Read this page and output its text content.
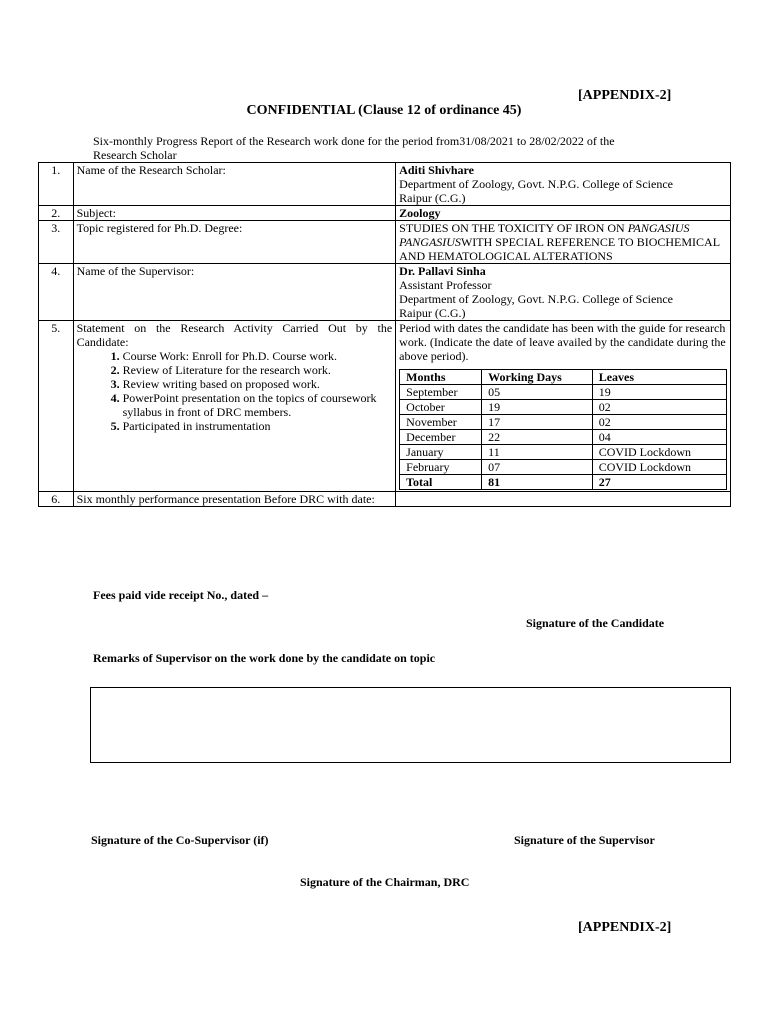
[APPENDIX-2]
CONFIDENTIAL (Clause 12 of ordinance 45)
Six-monthly Progress Report of the Research work done for the period from31/08/2021 to 28/02/2022 of the
Research Scholar
1.	Name of the Research Scholar:	Aditi Shivhare
Department of Zoology, Govt. N.P.G. College of Science
Raipur (C.G.)

2.	Subject:	Zoology
3.	Topic registered for Ph.D. Degree:	STUDIES ON THE TOXICITY OF IRON ON PANGASIUS PANGASIUSWITH SPECIAL REFERENCE TO BIOCHEMICAL AND HEMATOLOGICAL ALTERATIONS
4.	Name of the Supervisor:	Dr. Pallavi Sinha
Assistant Professor
Department of Zoology, Govt. N.P.G. College of Science
Raipur (C.G.)

5.	Statement on the Research Activity Carried Out by the Candidate:
1. Course Work: Enroll for Ph.D. Course work.
2. Review of Literature for the research work.
3. Review writing based on proposed work.
4. PowerPoint presentation on the topics of coursework syllabus in front of DRC members.
5. Participated in instrumentation

Period with dates the candidate has been with the guide for research work. (Indicate the date of leave availed by the candidate during the above period).
Months	Working Days	Leaves
September	05	19
October	19	02
November	17	02
December	22	04
January	11	COVID Lockdown
February	07	COVID Lockdown
Total	81	27

6.	Six monthly performance presentation Before DRC with date:	
Fees paid vide receipt No., dated –
Signature of the Candidate
Remarks of Supervisor on the work done by the candidate on topic
Signature of the Co-Supervisor (if)	Signature of the Supervisor
Signature of the Chairman, DRC
[APPENDIX-2]
